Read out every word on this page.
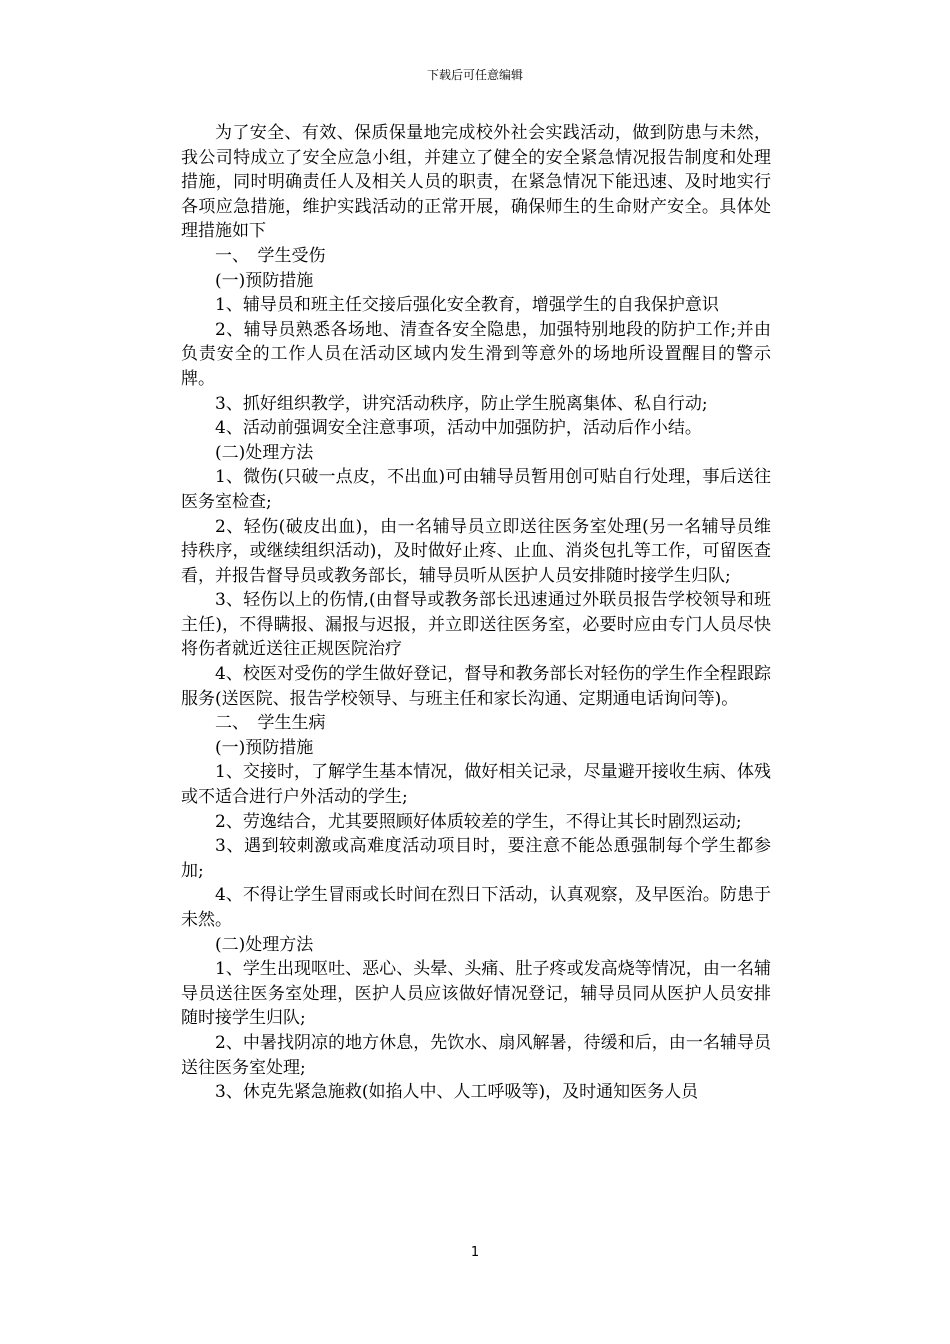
下载后可任意编辑

为了安全、有效、保质保量地完成校外社会实践活动，做到防患与未然，我公司特成立了安全应急小组，并建立了健全的安全紧急情况报告制度和处理措施，同时明确责任人及相关人员的职责，在紧急情况下能迅速、及时地实行各项应急措施，维护实践活动的正常开展，确保师生的生命财产安全。具体处理措施如下

一、　学生受伤

(一)预防措施

1、辅导员和班主任交接后强化安全教育，增强学生的自我保护意识

2、辅导员熟悉各场地、清查各安全隐患，加强特别地段的防护工作;并由负责安全的工作人员在活动区域内发生滑到等意外的场地所设置醒目的警示牌。

3、抓好组织教学，讲究活动秩序，防止学生脱离集体、私自行动;

4、活动前强调安全注意事项，活动中加强防护，活动后作小结。

(二)处理方法

1、微伤(只破一点皮，不出血)可由辅导员暂用创可贴自行处理，事后送往医务室检查;

2、轻伤(破皮出血)，由一名辅导员立即送往医务室处理(另一名辅导员维持秩序，或继续组织活动)，及时做好止疼、止血、消炎包扎等工作，可留医查看，并报告督导员或教务部长，辅导员听从医护人员安排随时接学生归队;

3、轻伤以上的伤情,(由督导或教务部长迅速通过外联员报告学校领导和班主任)，不得瞒报、漏报与迟报，并立即送往医务室，必要时应由专门人员尽快将伤者就近送往正规医院治疗

4、校医对受伤的学生做好登记，督导和教务部长对轻伤的学生作全程跟踪服务(送医院、报告学校领导、与班主任和家长沟通、定期通电话询问等)。

二、　学生生病

(一)预防措施

1、交接时，了解学生基本情况，做好相关记录，尽量避开接收生病、体残或不适合进行户外活动的学生;

2、劳逸结合，尤其要照顾好体质较差的学生，不得让其长时剧烈运动;

3、遇到较刺激或高难度活动项目时，要注意不能怂恿强制每个学生都参加;

4、不得让学生冒雨或长时间在烈日下活动，认真观察，及早医治。防患于未然。

(二)处理方法

1、学生出现呕吐、恶心、头晕、头痛、肚子疼或发高烧等情况，由一名辅导员送往医务室处理，医护人员应该做好情况登记，辅导员同从医护人员安排随时接学生归队;

2、中暑找阴凉的地方休息，先饮水、扇风解暑，待缓和后，由一名辅导员送往医务室处理;

3、休克先紧急施救(如掐人中、人工呼吸等)，及时通知医务人员

1
